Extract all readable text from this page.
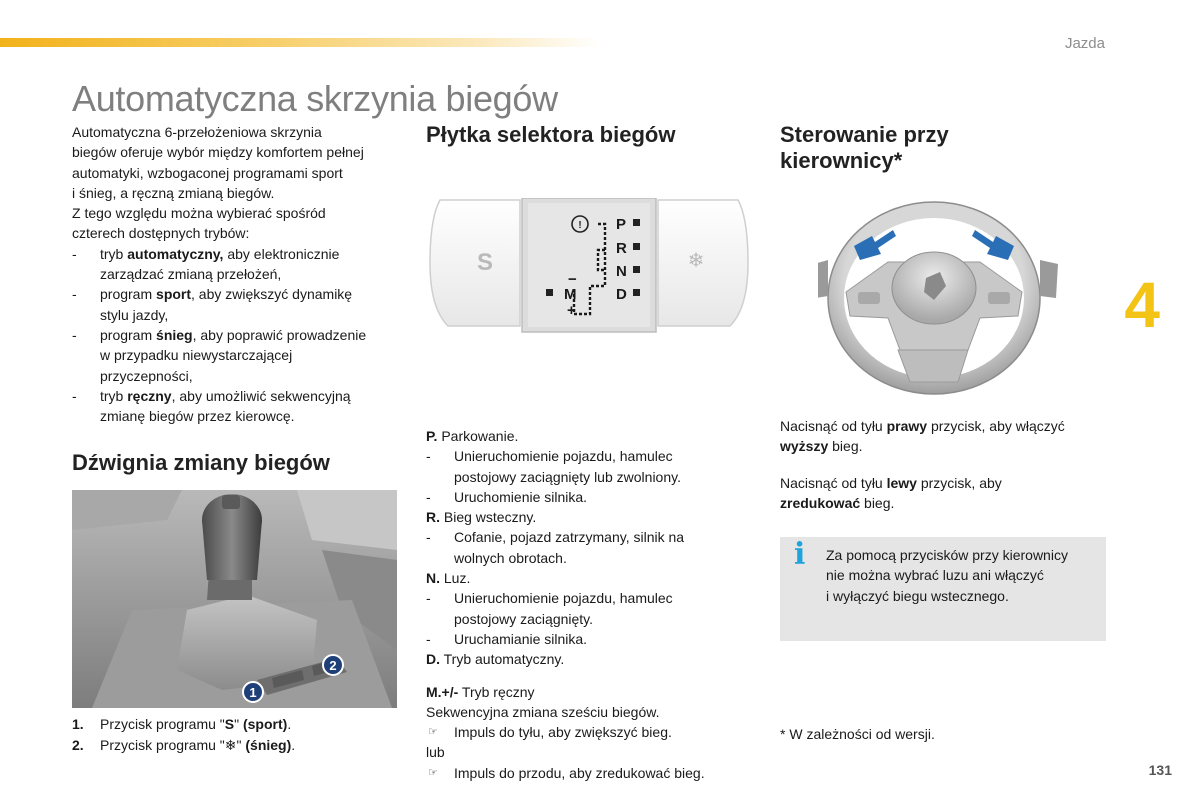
Jazda
Automatyczna skrzynia biegów
4
131

Automatyczna 6-przełożeniowa skrzynia

biegów oferuje wybór między komfortem pełnej

automatyki, wzbogaconej programami sport

i śnieg, a ręczną zmianą biegów.

Z tego względu można wybierać spośród

czterech dostępnych trybów:

- tryb automatyczny, aby elektronicznie

zarządzać zmianą przełożeń,

- program sport, aby zwiększyć dynamikę

stylu jazdy,

- program śnieg, aby poprawić prowadzenie

w przypadku niewystarczającej

przyczepności,

- tryb ręczny, aby umożliwić sekwencyjną

zmianę biegów przez kierowcę.

Dźwignia zmiany biegów
1
2
1. Przycisk programu "S" (sport).
2. Przycisk programu "❄" (śnieg).
Płytka selektora biegów
S	❄
! P
R
N
D
M
−
+

P. Parkowanie.

- Unieruchomienie pojazdu, hamulec

postojowy zaciągnięty lub zwolniony.

- Uruchomienie silnika.

R. Bieg wsteczny.

- Cofanie, pojazd zatrzymany, silnik na

wolnych obrotach.

N. Luz.

- Unieruchomienie pojazdu, hamulec

postojowy zaciągnięty.

- Uruchamianie silnika.

D. Tryb automatyczny.

M.+/- Tryb ręczny

Sekwencyjna zmiana sześciu biegów.

☞ Impuls do tyłu, aby zwiększyć bieg.

lub

☞ Impuls do przodu, aby zredukować bieg.

Sterowanie przy
kierownicy*

Nacisnąć od tyłu prawy przycisk, aby włączyć
wyższy bieg.

Nacisnąć od tyłu lewy przycisk, aby
zredukować bieg.

i Za pomocą przycisków przy kierownicy

nie można wybrać luzu ani włączyć

i wyłączyć biegu wstecznego.

* W zależności od wersji.
